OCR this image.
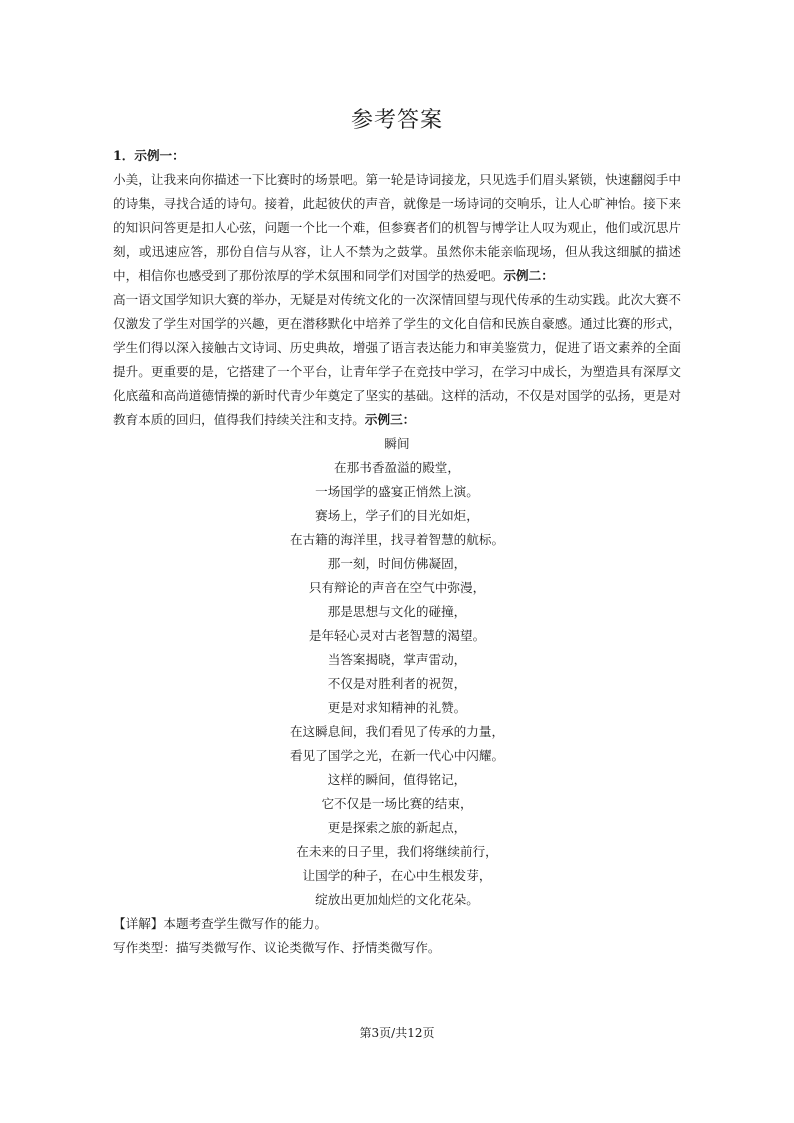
参考答案

1．示例一：

小美，让我来向你描述一下比赛时的场景吧。第一轮是诗词接龙，只见选手们眉头紧锁，快速翻阅手中的诗集，寻找合适的诗句。接着，此起彼伏的声音，就像是一场诗词的交响乐，让人心旷神怡。接下来的知识问答更是扣人心弦，问题一个比一个难，但参赛者们的机智与博学让人叹为观止，他们或沉思片刻，或迅速应答，那份自信与从容，让人不禁为之鼓掌。虽然你未能亲临现场，但从我这细腻的描述中，相信你也感受到了那份浓厚的学术氛围和同学们对国学的热爱吧。示例二：

高一语文国学知识大赛的举办，无疑是对传统文化的一次深情回望与现代传承的生动实践。此次大赛不仅激发了学生对国学的兴趣，更在潜移默化中培养了学生的文化自信和民族自豪感。通过比赛的形式，学生们得以深入接触古文诗词、历史典故，增强了语言表达能力和审美鉴赏力，促进了语文素养的全面提升。更重要的是，它搭建了一个平台，让青年学子在竞技中学习，在学习中成长，为塑造具有深厚文化底蕴和高尚道德情操的新时代青少年奠定了坚实的基础。这样的活动，不仅是对国学的弘扬，更是对教育本质的回归，值得我们持续关注和支持。示例三：

瞬间
在那书香盈溢的殿堂，
一场国学的盛宴正悄然上演。
赛场上，学子们的目光如炬，
在古籍的海洋里，找寻着智慧的航标。
那一刻，时间仿佛凝固，
只有辩论的声音在空气中弥漫，
那是思想与文化的碰撞，
是年轻心灵对古老智慧的渴望。
当答案揭晓，掌声雷动，
不仅是对胜利者的祝贺，
更是对求知精神的礼赞。
在这瞬息间，我们看见了传承的力量，
看见了国学之光，在新一代心中闪耀。
这样的瞬间，值得铭记，
它不仅是一场比赛的结束，
更是探索之旅的新起点，
在未来的日子里，我们将继续前行，
让国学的种子，在心中生根发芽，
绽放出更加灿烂的文化花朵。
【详解】本题考查学生微写作的能力。
写作类型：描写类微写作、议论类微写作、抒情类微写作。
第3页/共12页
